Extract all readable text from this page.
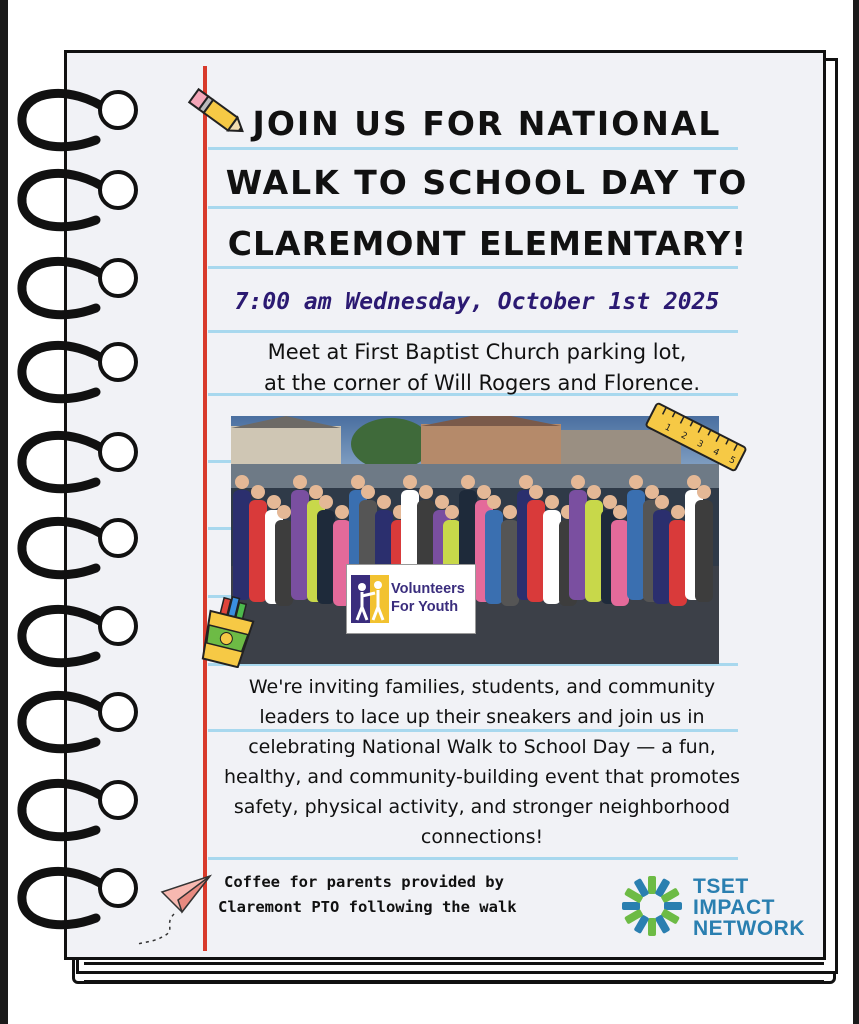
JOIN US FOR NATIONAL
WALK TO SCHOOL DAY TO
CLAREMONT ELEMENTARY!
7:00 am Wednesday, October 1st 2025
Meet at First Baptist Church parking lot,
at the corner of Will Rogers and Florence.
Volunteers
For Youth
1
2
3
4
5
We're inviting families, students, and community
leaders to lace up their sneakers and join us in
celebrating National Walk to School Day — a fun,
healthy, and community-building event that promotes
safety, physical activity, and stronger neighborhood
connections!
Coffee for parents provided by
Claremont PTO following the walk
TSET
IMPACT
NETWORK
